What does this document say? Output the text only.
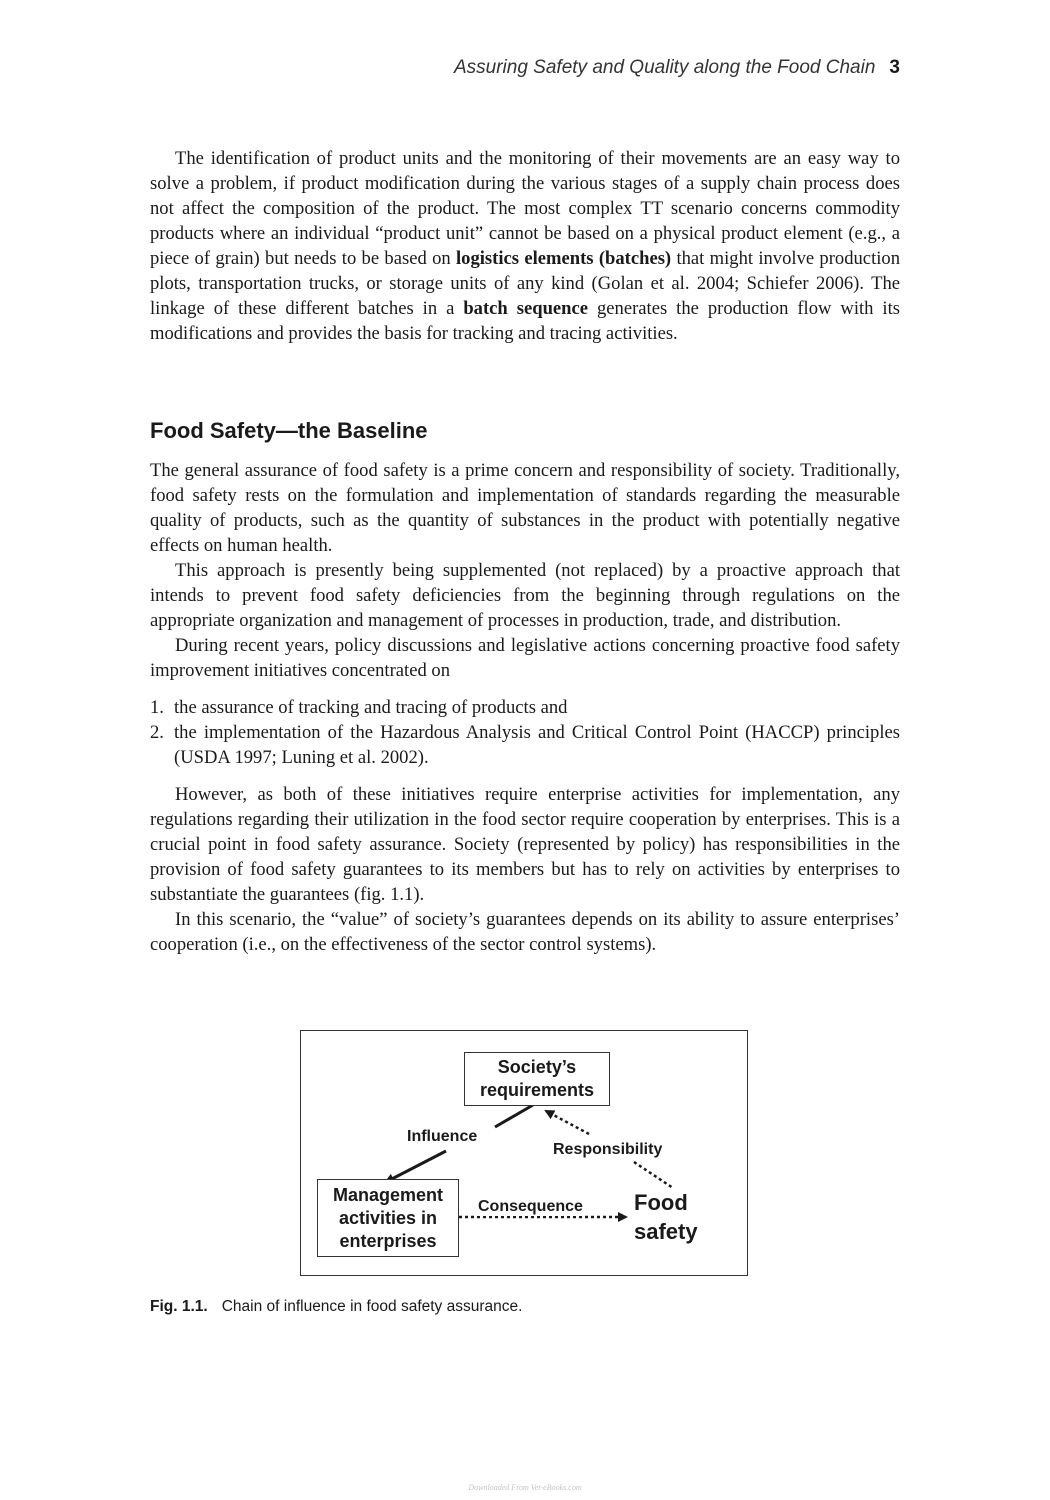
Assuring Safety and Quality along the Food Chain 3

The identification of product units and the monitoring of their movements are an easy way to solve a problem, if product modification during the various stages of a supply chain process does not affect the composition of the product. The most complex TT scenario concerns commodity products where an individual “product unit” cannot be based on a physical product element (e.g., a piece of grain) but needs to be based on logistics elements (batches) that might involve production plots, transportation trucks, or storage units of any kind (Golan et al. 2004; Schiefer 2006). The linkage of these different batches in a batch sequence generates the production flow with its modifications and provides the basis for tracking and tracing activities.

Food Safety—the Baseline

The general assurance of food safety is a prime concern and responsibility of society. Traditionally, food safety rests on the formulation and implementation of standards regarding the measurable quality of products, such as the quantity of substances in the product with potentially negative effects on human health.

This approach is presently being supplemented (not replaced) by a proactive approach that intends to prevent food safety deficiencies from the beginning through regulations on the appropriate organization and management of processes in production, trade, and distribution.

During recent years, policy discussions and legislative actions concerning proactive food safety improvement initiatives concentrated on

1. the assurance of tracking and tracing of products and
2. the implementation of the Hazardous Analysis and Critical Control Point (HACCP) principles (USDA 1997; Luning et al. 2002).

However, as both of these initiatives require enterprise activities for implementation, any regulations regarding their utilization in the food sector require cooperation by enterprises. This is a crucial point in food safety assurance. Society (represented by policy) has responsibilities in the provision of food safety guarantees to its members but has to rely on activities by enterprises to substantiate the guarantees (fig. 1.1).

In this scenario, the “value” of society’s guarantees depends on its ability to assure enterprises’ cooperation (i.e., on the effectiveness of the sector control systems).

Society’s
requirements
Management
activities in
enterprises
Food
safety
Influence
Responsibility
Consequence
Fig. 1.1. Chain of influence in food safety assurance.
Downloaded From Vet-eBooks.com
